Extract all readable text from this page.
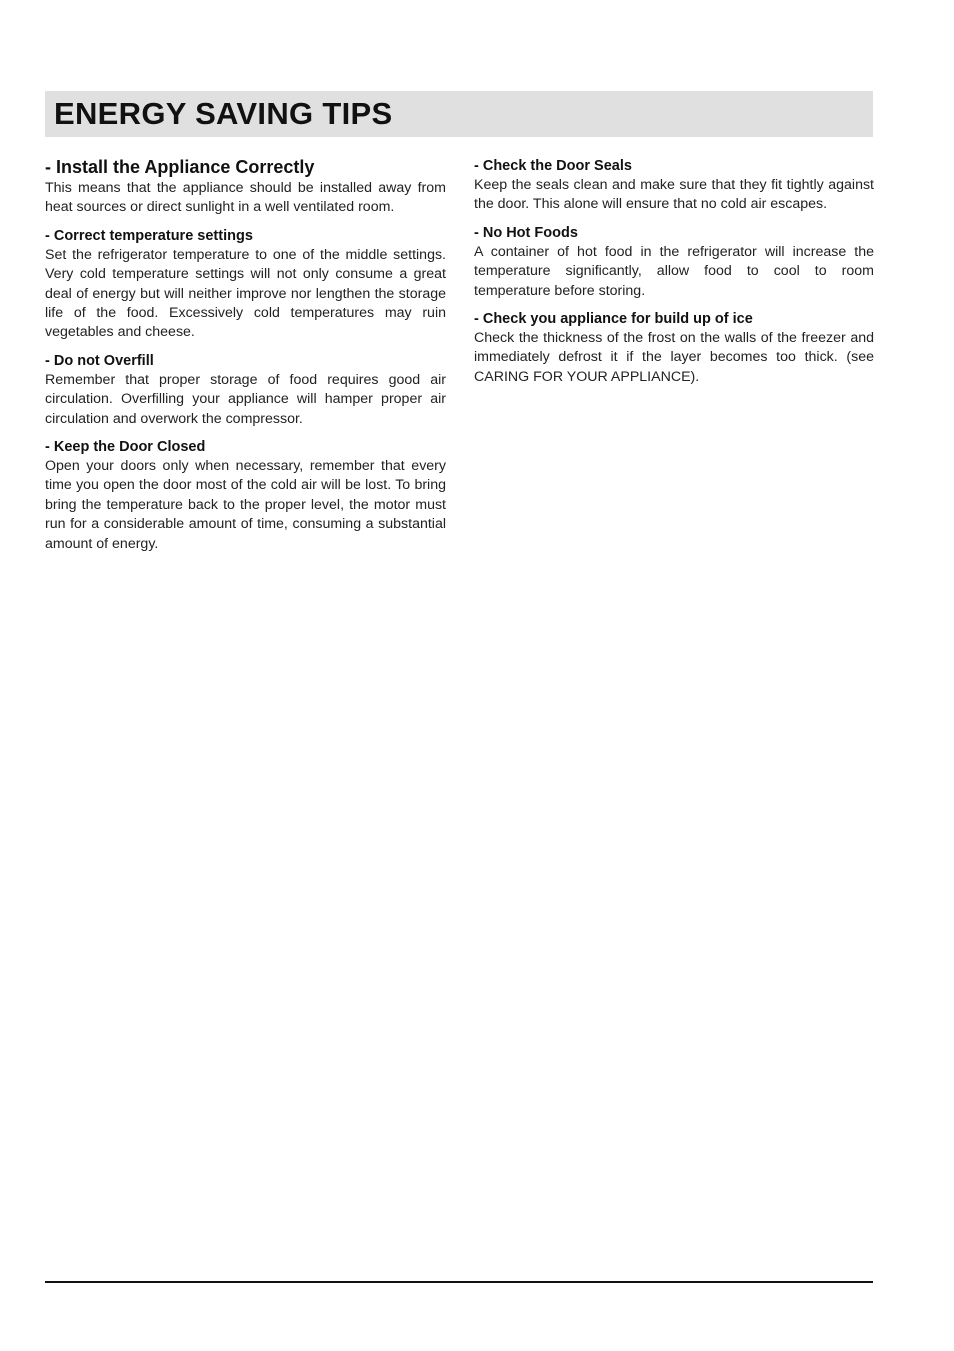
ENERGY SAVING TIPS
- Install the Appliance Correctly

This means that the appliance should be installed away from heat sources or direct sunlight in a well ventilated room.

- Correct temperature settings

Set the refrigerator temperature to one of the middle settings. Very cold temperature settings will not only consume a great deal of energy but will neither improve nor lengthen the storage life of the food. Excessively cold temperatures may ruin vegetables and cheese.

- Do not Overfill

Remember that proper storage of food requires good air circulation. Overfilling your appliance will hamper proper air circulation and overwork the compressor.

- Keep the Door Closed

Open your doors only when necessary, remember that every time you open the door most of the cold air will be lost. To bring bring the temperature back to the proper level, the motor must run for a considerable amount of time, consuming a substantial amount of energy.

- Check the Door Seals

Keep the seals clean and make sure that they fit tightly against the door. This alone will ensure that no cold air escapes.

- No Hot Foods

A container of hot food in the refrigerator will increase the temperature significantly, allow food to cool to room temperature before storing.

- Check you appliance for build up of ice

Check the thickness of the frost on the walls of the freezer and immediately defrost it if the layer becomes too thick. (see CARING FOR YOUR APPLIANCE).
